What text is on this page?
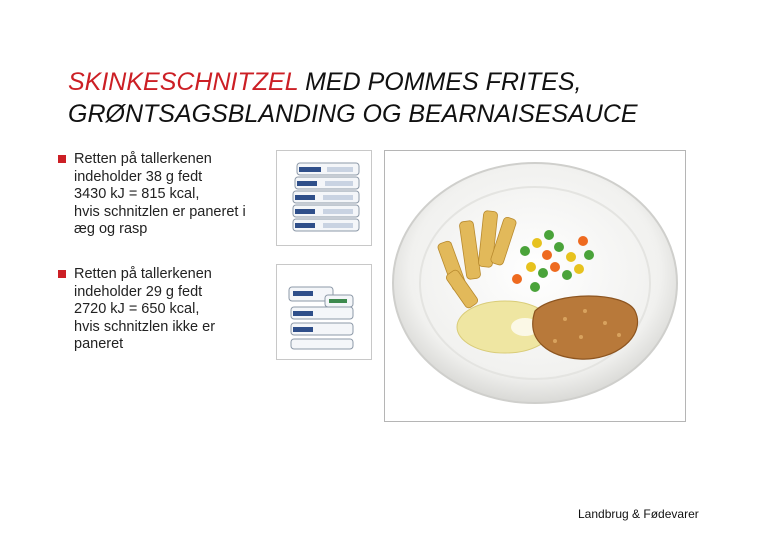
SKINKESCHNITZEL MED POMMES FRITES,
GRØNTSAGSBLANDING OG BEARNAISESAUCE
Retten på tallerkenen
indeholder 38 g fedt
3430 kJ = 815 kcal,
hvis schnitzlen er paneret i
æg og rasp
Retten på tallerkenen
indeholder 29 g fedt
2720 kJ = 650 kcal,
hvis schnitzlen ikke er
paneret
Landbrug & Fødevarer
